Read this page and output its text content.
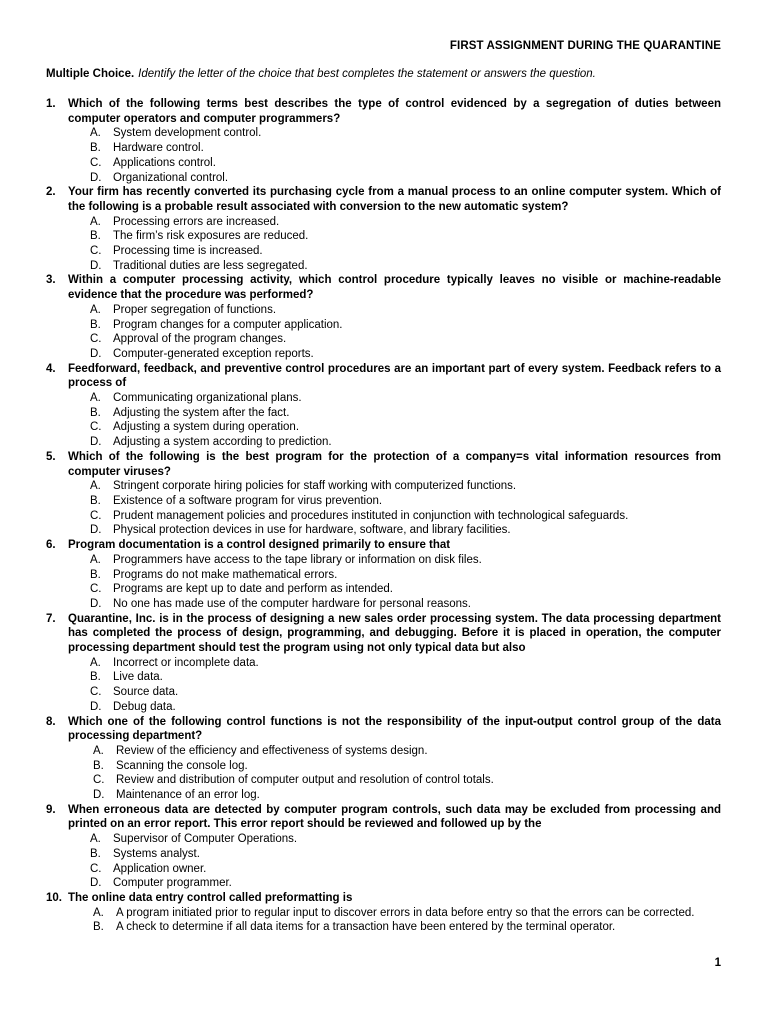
FIRST ASSIGNMENT DURING THE QUARANTINE
Multiple Choice. Identify the letter of the choice that best completes the statement or answers the question.
1. Which of the following terms best describes the type of control evidenced by a segregation of duties between computer operators and computer programmers?
A. System development control.
B. Hardware control.
C. Applications control.
D. Organizational control.
2. Your firm has recently converted its purchasing cycle from a manual process to an online computer system. Which of the following is a probable result associated with conversion to the new automatic system?
A. Processing errors are increased.
B. The firm’s risk exposures are reduced.
C. Processing time is increased.
D. Traditional duties are less segregated.
3. Within a computer processing activity, which control procedure typically leaves no visible or machine-readable evidence that the procedure was performed?
A. Proper segregation of functions.
B. Program changes for a computer application.
C. Approval of the program changes.
D. Computer-generated exception reports.
4. Feedforward, feedback, and preventive control procedures are an important part of every system. Feedback refers to a process of
A. Communicating organizational plans.
B. Adjusting the system after the fact.
C. Adjusting a system during operation.
D. Adjusting a system according to prediction.
5. Which of the following is the best program for the protection of a company=s vital information resources from computer viruses?
A. Stringent corporate hiring policies for staff working with computerized functions.
B. Existence of a software program for virus prevention.
C. Prudent management policies and procedures instituted in conjunction with technological safeguards.
D. Physical protection devices in use for hardware, software, and library facilities.
6. Program documentation is a control designed primarily to ensure that
A. Programmers have access to the tape library or information on disk files.
B. Programs do not make mathematical errors.
C. Programs are kept up to date and perform as intended.
D. No one has made use of the computer hardware for personal reasons.
7. Quarantine, Inc. is in the process of designing a new sales order processing system. The data processing department has completed the process of design, programming, and debugging. Before it is placed in operation, the computer processing department should test the program using not only typical data but also
A. Incorrect or incomplete data.
B. Live data.
C. Source data.
D. Debug data.
8. Which one of the following control functions is not the responsibility of the input-output control group of the data processing department?
A. Review of the efficiency and effectiveness of systems design.
B. Scanning the console log.
C. Review and distribution of computer output and resolution of control totals.
D. Maintenance of an error log.
9. When erroneous data are detected by computer program controls, such data may be excluded from processing and printed on an error report. This error report should be reviewed and followed up by the
A. Supervisor of Computer Operations.
B. Systems analyst.
C. Application owner.
D. Computer programmer.
10. The online data entry control called preformatting is
A. A program initiated prior to regular input to discover errors in data before entry so that the errors can be corrected.
B. A check to determine if all data items for a transaction have been entered by the terminal operator.
1
